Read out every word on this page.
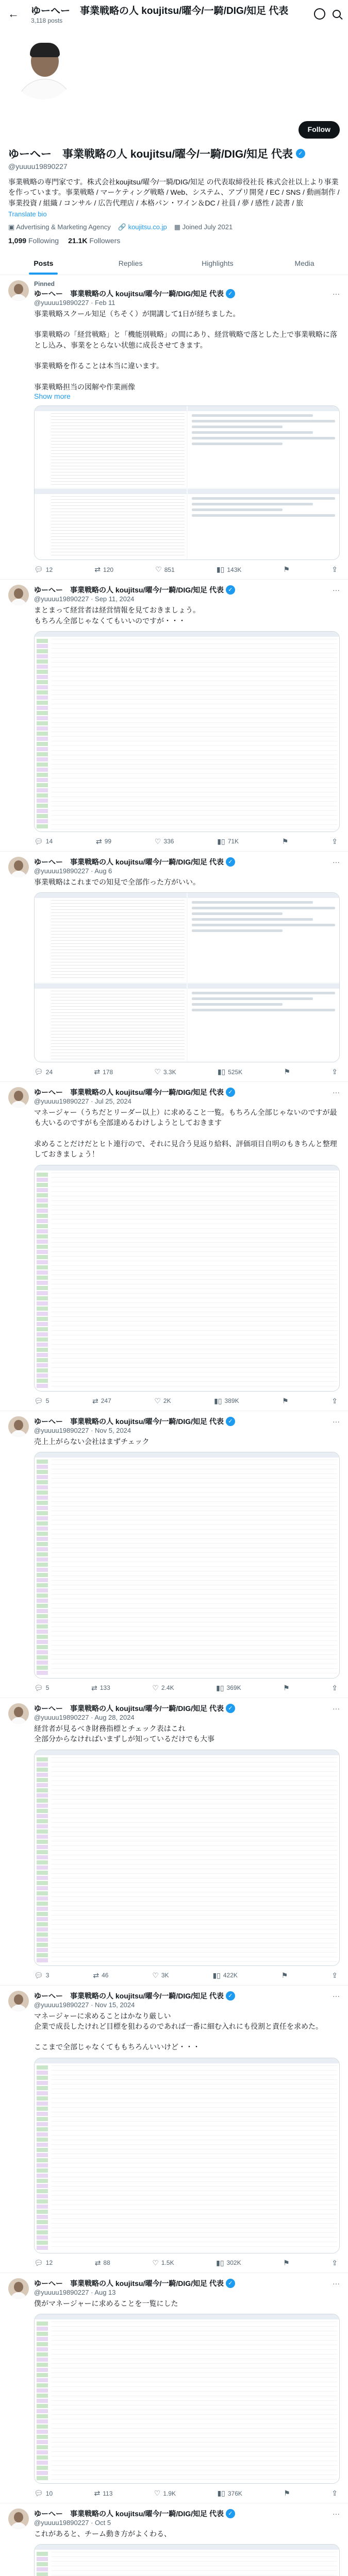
← ゆーへー　事業戦略の人 koujitsu/曜今/一騎/DIG/知足 代表
3,118 posts
Follow
ゆーへー　事業戦略の人 koujitsu/曜今/一騎/DIG/知足 代表 ✓
@yuuuu19890227
事業戦略の専門家です。株式会社koujitsu/曜今/一騎/DIG/知足 の代表取締役社長 株式会社以上より事業を作っています。事業戦略 / マーケティング戦略 / Web、システム、アプリ開発 / EC / SNS / 動画制作 / 事業投資 / 組織 / コンサル / 広告代理店 / 本格パン・ワイン＆DC / 社員 / 夢 / 感性 / 読書 / 旅
Translate bio
▣ Advertising & Marketing Agency 🔗 koujitsu.co.jp ▦ Joined July 2021
1,099 Following 21.1K Followers
Posts	Replies	Highlights	Media
Pinned
ゆーへー　事業戦略の人 koujitsu/曜今/一騎/DIG/知足 代表 ✓	···
@yuuuu19890227 · Feb 11
事業戦略スクール知足（ちそく）が開講して1日が経ちました。

事業戦略の「経営戦略」と「機能別戦略」の間にあり、経営戦略で落とした上で事業戦略に落とし込み、事業をとらない状態に成長させてきます。

事業戦略を作ることは本当に違います。

事業戦略担当の図解や作業画像
Show more
💬︎ 12	⇄ 120	♡ 851	▮▯ 143K	⚑	⇪
ゆーへー　事業戦略の人 koujitsu/曜今/一騎/DIG/知足 代表 ✓	···
@yuuuu19890227 · Sep 11, 2024
まとまって経営者は経営情報を見ておきましょう。
もちろん全部じゃなくてもいいのですが・・・
💬︎ 14	⇄ 99	♡ 336	▮▯ 71K	⚑	⇪
ゆーへー　事業戦略の人 koujitsu/曜今/一騎/DIG/知足 代表 ✓	···
@yuuuu19890227 · Aug 6
事業戦略はこれまでの知見で全部作った方がいい。
💬︎ 24	⇄ 178	♡ 3.3K	▮▯ 525K	⚑	⇪
ゆーへー　事業戦略の人 koujitsu/曜今/一騎/DIG/知足 代表 ✓	···
@yuuuu19890227 · Jul 25, 2024
マネージャー（うちだとリーダー以上）に求めること一覧。もちろん全部じゃないのですが最も大いるのですがも全部達めるわけしようとしておきます

求めることだけだとヒト連行ので、それに見合う見返り給料、評価項目自明のもきちんと整理しておきましょう！
💬︎ 5	⇄ 247	♡ 2K	▮▯ 389K	⚑	⇪
ゆーへー　事業戦略の人 koujitsu/曜今/一騎/DIG/知足 代表 ✓	···
@yuuuu19890227 · Nov 5, 2024
売上上がらない会社はまずチェック
💬︎ 5	⇄ 133	♡ 2.4K	▮▯ 369K	⚑	⇪
ゆーへー　事業戦略の人 koujitsu/曜今/一騎/DIG/知足 代表 ✓	···
@yuuuu19890227 · Aug 28, 2024
経営者が見るべき財務指標とチェック表はこれ
全部分からなければいまずしが知っているだけでも大事
💬︎ 3	⇄ 46	♡ 3K	▮▯ 422K	⚑	⇪
ゆーへー　事業戦略の人 koujitsu/曜今/一騎/DIG/知足 代表 ✓	···
@yuuuu19890227 · Nov 15, 2024
マネージャーに求めることはかなり厳しい
企業で成長したけれど目標を狙わるのであれば一番に細む入れにも役割と責任を求めた。

ここまで全部じゃなくてももちろんいいけど・・・
💬︎ 12	⇄ 88	♡ 1.5K	▮▯ 302K	⚑	⇪
ゆーへー　事業戦略の人 koujitsu/曜今/一騎/DIG/知足 代表 ✓	···
@yuuuu19890227 · Aug 13
僕がマネージャーに求めることを一覧にした
💬︎ 10	⇄ 113	♡ 1.9K	▮▯ 376K	⚑	⇪
ゆーへー　事業戦略の人 koujitsu/曜今/一騎/DIG/知足 代表 ✓	···
@yuuuu19890227 · Oct 5
これがあると、チーム動き方がよくわる、
